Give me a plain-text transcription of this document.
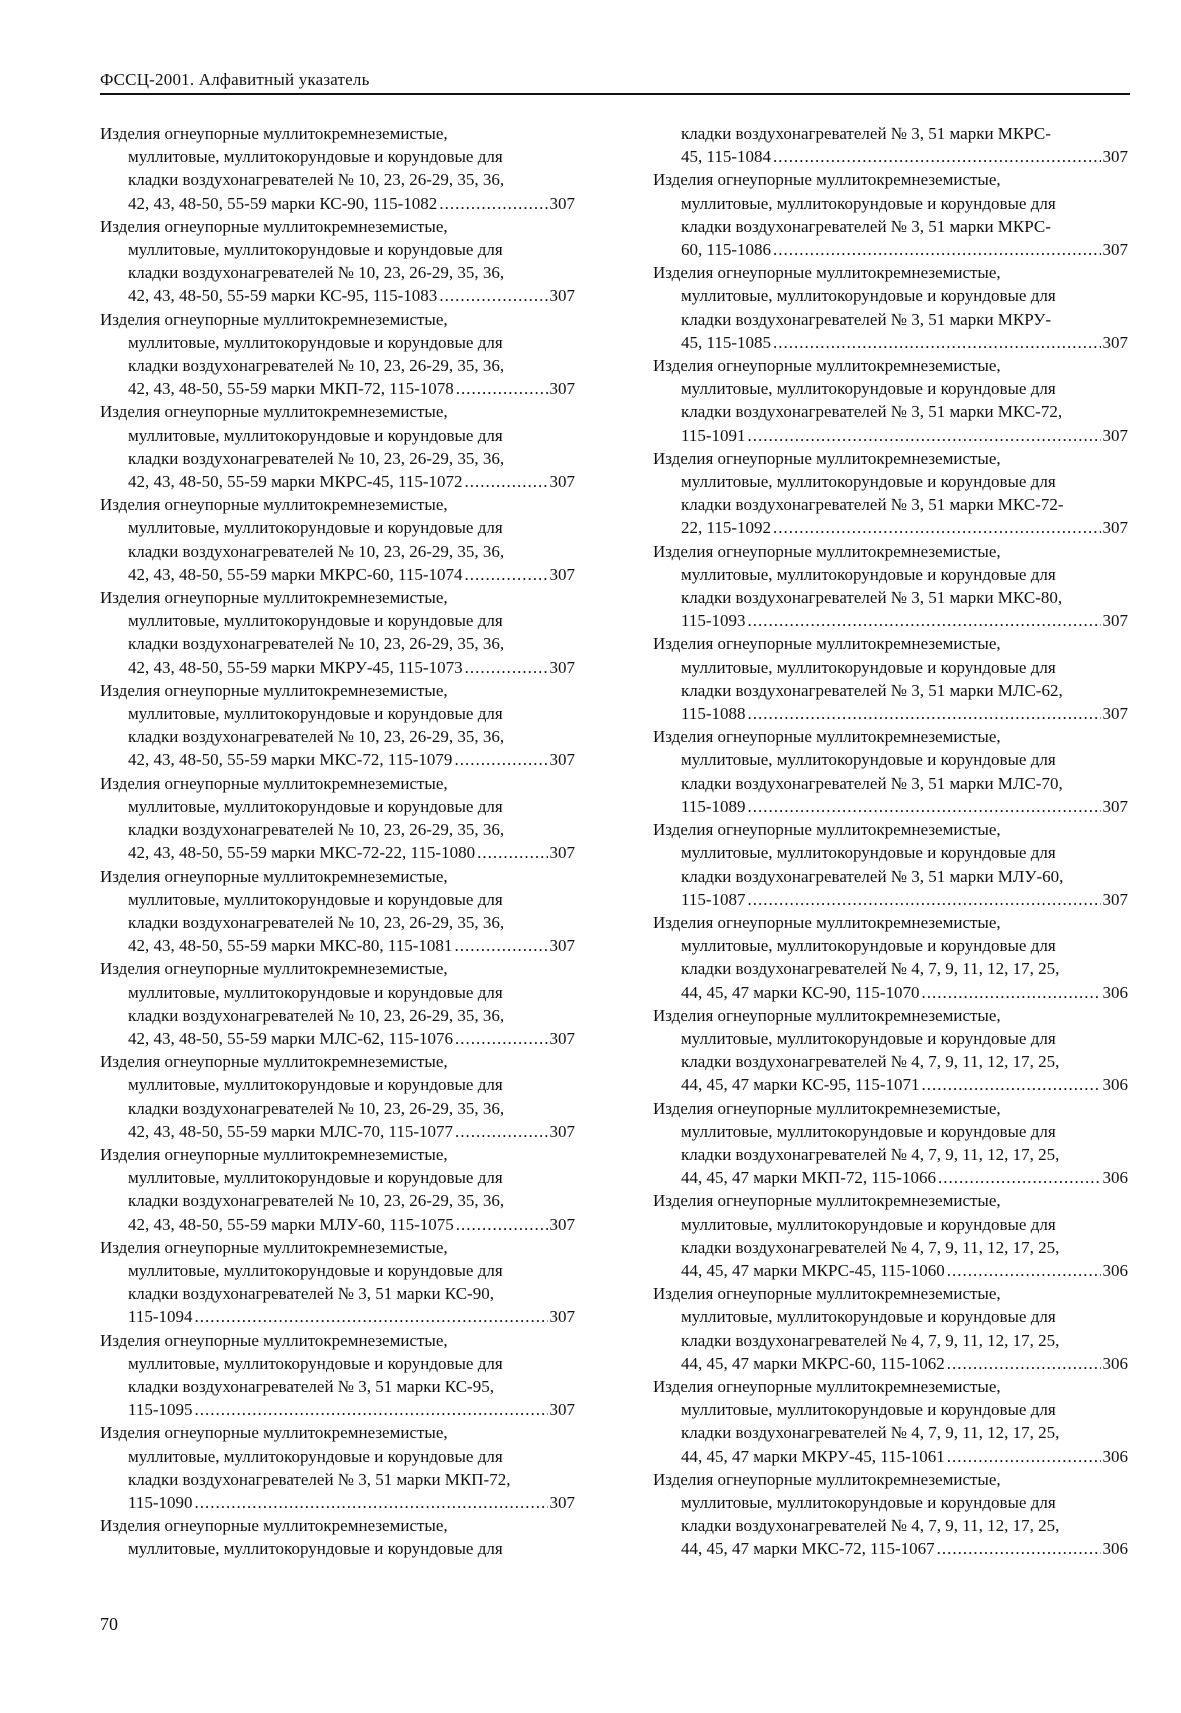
ФССЦ-2001. Алфавитный указатель
Изделия огнеупорные муллитокремнеземистые,
муллитовые, муллитокорундовые и корундовые для
кладки воздухонагревателей № 10, 23, 26-29, 35, 36,
42, 43, 48-50, 55-59 марки КС-90, 115-1082 .....	307
Изделия огнеупорные муллитокремнеземистые,
муллитовые, муллитокорундовые и корундовые для
кладки воздухонагревателей № 10, 23, 26-29, 35, 36,
42, 43, 48-50, 55-59 марки КС-95, 115-1083 .....	307
Изделия огнеупорные муллитокремнеземистые,
муллитовые, муллитокорундовые и корундовые для
кладки воздухонагревателей № 10, 23, 26-29, 35, 36,
42, 43, 48-50, 55-59 марки МКП-72, 115-1078 .....	307
Изделия огнеупорные муллитокремнеземистые,
муллитовые, муллитокорундовые и корундовые для
кладки воздухонагревателей № 10, 23, 26-29, 35, 36,
42, 43, 48-50, 55-59 марки МКРС-45, 115-1072 .....	307
Изделия огнеупорные муллитокремнеземистые,
муллитовые, муллитокорундовые и корундовые для
кладки воздухонагревателей № 10, 23, 26-29, 35, 36,
42, 43, 48-50, 55-59 марки МКРС-60, 115-1074 .....	307
Изделия огнеупорные муллитокремнеземистые,
муллитовые, муллитокорундовые и корундовые для
кладки воздухонагревателей № 10, 23, 26-29, 35, 36,
42, 43, 48-50, 55-59 марки МКРУ-45, 115-1073 .....	307
Изделия огнеупорные муллитокремнеземистые,
муллитовые, муллитокорундовые и корундовые для
кладки воздухонагревателей № 10, 23, 26-29, 35, 36,
42, 43, 48-50, 55-59 марки МКС-72, 115-1079 .....	307
Изделия огнеупорные муллитокремнеземистые,
муллитовые, муллитокорундовые и корундовые для
кладки воздухонагревателей № 10, 23, 26-29, 35, 36,
42, 43, 48-50, 55-59 марки МКС-72-22, 115-1080 .....	307
Изделия огнеупорные муллитокремнеземистые,
муллитовые, муллитокорундовые и корундовые для
кладки воздухонагревателей № 10, 23, 26-29, 35, 36,
42, 43, 48-50, 55-59 марки МКС-80, 115-1081 .....	307
Изделия огнеупорные муллитокремнеземистые,
муллитовые, муллитокорундовые и корундовые для
кладки воздухонагревателей № 10, 23, 26-29, 35, 36,
42, 43, 48-50, 55-59 марки МЛС-62, 115-1076 .....	307
Изделия огнеупорные муллитокремнеземистые,
муллитовые, муллитокорундовые и корундовые для
кладки воздухонагревателей № 10, 23, 26-29, 35, 36,
42, 43, 48-50, 55-59 марки МЛС-70, 115-1077 .....	307
Изделия огнеупорные муллитокремнеземистые,
муллитовые, муллитокорундовые и корундовые для
кладки воздухонагревателей № 10, 23, 26-29, 35, 36,
42, 43, 48-50, 55-59 марки МЛУ-60, 115-1075 .....	307
Изделия огнеупорные муллитокремнеземистые,
муллитовые, муллитокорундовые и корундовые для
кладки воздухонагревателей № 3, 51 марки КС-90,
115-1094 .....	307
Изделия огнеупорные муллитокремнеземистые,
муллитовые, муллитокорундовые и корундовые для
кладки воздухонагревателей № 3, 51 марки КС-95,
115-1095 .....	307
Изделия огнеупорные муллитокремнеземистые,
муллитовые, муллитокорундовые и корундовые для
кладки воздухонагревателей № 3, 51 марки МКП-72,
115-1090 .....	307
Изделия огнеупорные муллитокремнеземистые,
муллитовые, муллитокорундовые и корундовые для
кладки воздухонагревателей № 3, 51 марки МКРС-
45, 115-1084 .....	307
Изделия огнеупорные муллитокремнеземистые,
муллитовые, муллитокорундовые и корундовые для
кладки воздухонагревателей № 3, 51 марки МКРС-
60, 115-1086 .....	307
Изделия огнеупорные муллитокремнеземистые,
муллитовые, муллитокорундовые и корундовые для
кладки воздухонагревателей № 3, 51 марки МКРУ-
45, 115-1085 .....	307
Изделия огнеупорные муллитокремнеземистые,
муллитовые, муллитокорундовые и корундовые для
кладки воздухонагревателей № 3, 51 марки МКС-72,
115-1091 .....	307
Изделия огнеупорные муллитокремнеземистые,
муллитовые, муллитокорундовые и корундовые для
кладки воздухонагревателей № 3, 51 марки МКС-72-
22, 115-1092 .....	307
Изделия огнеупорные муллитокремнеземистые,
муллитовые, муллитокорундовые и корундовые для
кладки воздухонагревателей № 3, 51 марки МКС-80,
115-1093 .....	307
Изделия огнеупорные муллитокремнеземистые,
муллитовые, муллитокорундовые и корундовые для
кладки воздухонагревателей № 3, 51 марки МЛС-62,
115-1088 .....	307
Изделия огнеупорные муллитокремнеземистые,
муллитовые, муллитокорундовые и корундовые для
кладки воздухонагревателей № 3, 51 марки МЛС-70,
115-1089 .....	307
Изделия огнеупорные муллитокремнеземистые,
муллитовые, муллитокорундовые и корундовые для
кладки воздухонагревателей № 3, 51 марки МЛУ-60,
115-1087 .....	307
Изделия огнеупорные муллитокремнеземистые,
муллитовые, муллитокорундовые и корундовые для
кладки воздухонагревателей № 4, 7, 9, 11, 12, 17, 25,
44, 45, 47 марки КС-90, 115-1070 .....	306
Изделия огнеупорные муллитокремнеземистые,
муллитовые, муллитокорундовые и корундовые для
кладки воздухонагревателей № 4, 7, 9, 11, 12, 17, 25,
44, 45, 47 марки КС-95, 115-1071 .....	306
Изделия огнеупорные муллитокремнеземистые,
муллитовые, муллитокорундовые и корундовые для
кладки воздухонагревателей № 4, 7, 9, 11, 12, 17, 25,
44, 45, 47 марки МКП-72, 115-1066 .....	306
Изделия огнеупорные муллитокремнеземистые,
муллитовые, муллитокорундовые и корундовые для
кладки воздухонагревателей № 4, 7, 9, 11, 12, 17, 25,
44, 45, 47 марки МКРС-45, 115-1060 .....	306
Изделия огнеупорные муллитокремнеземистые,
муллитовые, муллитокорундовые и корундовые для
кладки воздухонагревателей № 4, 7, 9, 11, 12, 17, 25,
44, 45, 47 марки МКРС-60, 115-1062 .....	306
Изделия огнеупорные муллитокремнеземистые,
муллитовые, муллитокорундовые и корундовые для
кладки воздухонагревателей № 4, 7, 9, 11, 12, 17, 25,
44, 45, 47 марки МКРУ-45, 115-1061 .....	306
Изделия огнеупорные муллитокремнеземистые,
муллитовые, муллитокорундовые и корундовые для
кладки воздухонагревателей № 4, 7, 9, 11, 12, 17, 25,
44, 45, 47 марки МКС-72, 115-1067 .....	306
70
